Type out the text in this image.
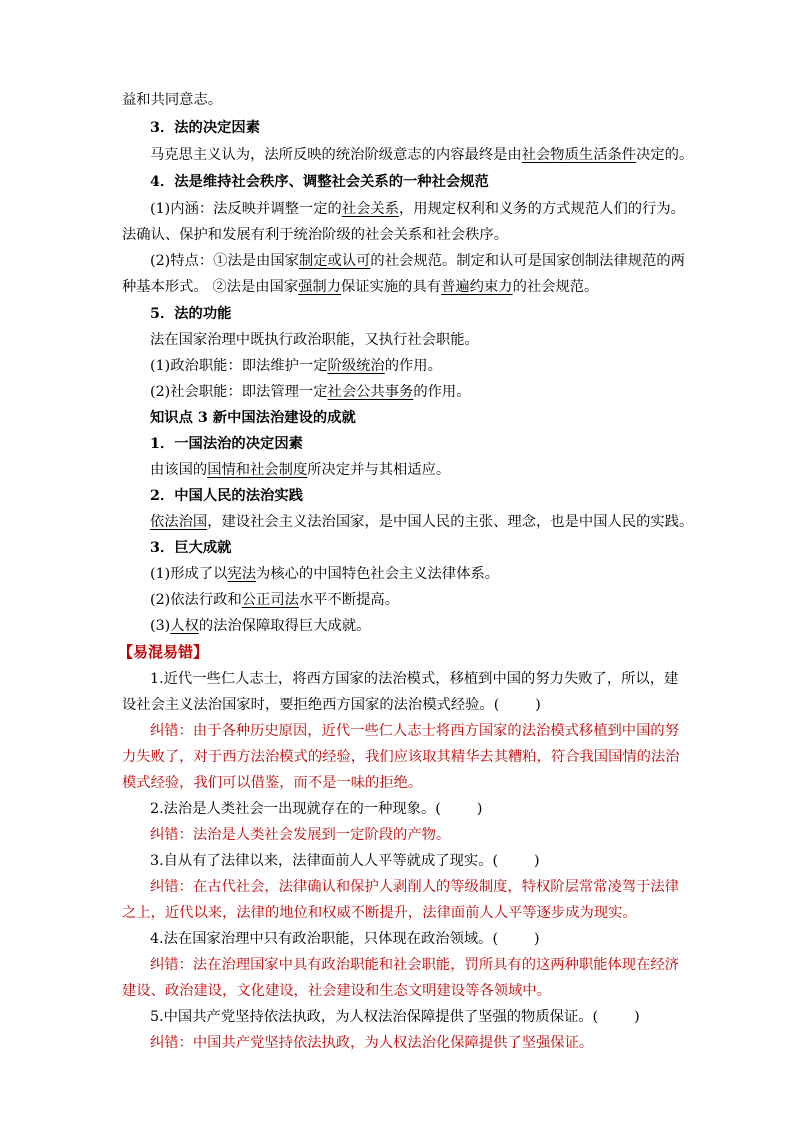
益和共同意志。
3．法的决定因素
马克思主义认为，法所反映的统治阶级意志的内容最终是由社会物质生活条件决定的。
4．法是维持社会秩序、调整社会关系的一种社会规范
(1)内涵：法反映并调整一定的社会关系，用规定权利和义务的方式规范人们的行为。
法确认、保护和发展有利于统治阶级的社会关系和社会秩序。
(2)特点：①法是由国家制定或认可的社会规范。制定和认可是国家创制法律规范的两
种基本形式。 ②法是由国家强制力保证实施的具有普遍约束力的社会规范。
5．法的功能
法在国家治理中既执行政治职能，又执行社会职能。
(1)政治职能：即法维护一定阶级统治的作用。
(2)社会职能：即法管理一定社会公共事务的作用。
知识点 3 新中国法治建设的成就
1．一国法治的决定因素
由该国的国情和社会制度所决定并与其相适应。
2．中国人民的法治实践
依法治国，建设社会主义法治国家，是中国人民的主张、理念，也是中国人民的实践。
3．巨大成就
(1)形成了以宪法为核心的中国特色社会主义法律体系。
(2)依法行政和公正司法水平不断提高。
(3)人权的法治保障取得巨大成就。
【易混易错】
1.近代一些仁人志士，将西方国家的法治模式，移植到中国的努力失败了，所以，建
设社会主义法治国家时，要拒绝西方国家的法治模式经验。(	)
纠错：由于各种历史原因，近代一些仁人志士将西方国家的法治模式移植到中国的努
力失败了，对于西方法治模式的经验，我们应该取其精华去其糟粕，符合我国国情的法治
模式经验，我们可以借鉴，而不是一味的拒绝。
2.法治是人类社会一出现就存在的一种现象。(	)
纠错：法治是人类社会发展到一定阶段的产物。
3.自从有了法律以来，法律面前人人平等就成了现实。(	)
纠错：在古代社会，法律确认和保护人剥削人的等级制度，特权阶层常常凌驾于法律
之上，近代以来，法律的地位和权威不断提升，法律面前人人平等逐步成为现实。
4.法在国家治理中只有政治职能，只体现在政治领域。(	)
纠错：法在治理国家中具有政治职能和社会职能，罚所具有的这两种职能体现在经济
建设、政治建设，文化建设，社会建设和生态文明建设等各领域中。
5.中国共产党坚持依法执政，为人权法治保障提供了坚强的物质保证。(	)
纠错：中国共产党坚持依法执政，为人权法治化保障提供了坚强保证。
